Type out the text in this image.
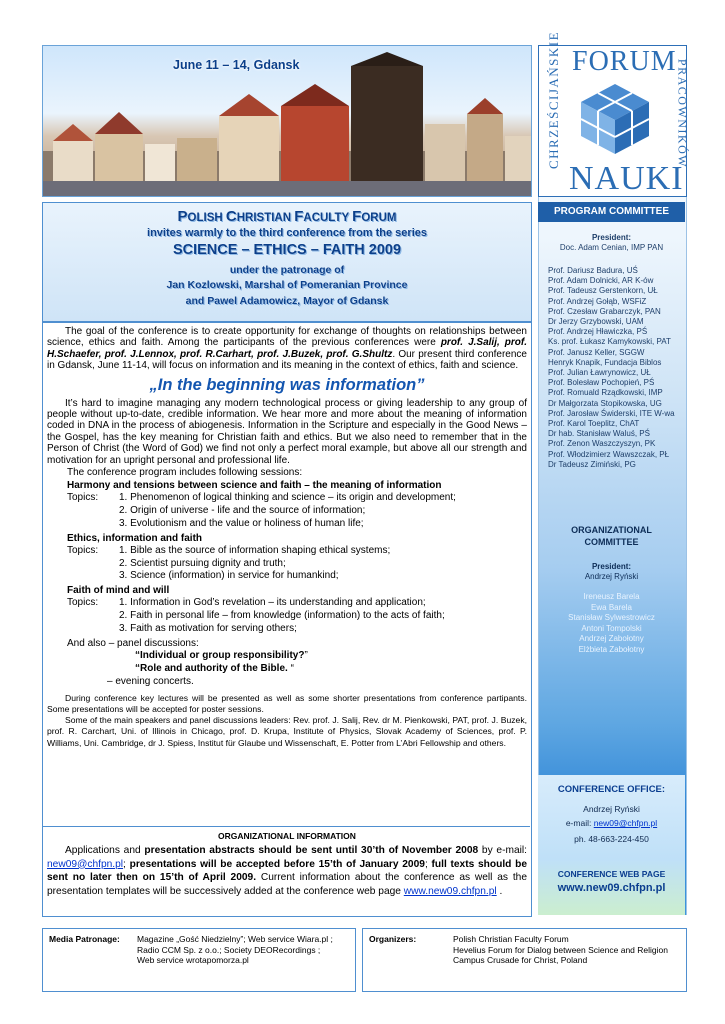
June 11 – 14, Gdansk	FORUM
CHRZEŚCIJAŃSKIE	PRACOWNIKÓW
NAUKI
PROGRAM COMMITTEE
President:
Doc. Adam Cenian, IMP PAN
Prof. Dariusz Badura, UŚ
Prof. Adam Dolnicki, AR K-ów
Prof. Tadeusz Gerstenkorn, UŁ
Prof. Andrzej Gołąb, WSFiZ
Prof. Czesław Grabarczyk, PAN
Dr Jerzy Grzybowski, UAM
Prof. Andrzej Hławiczka, PŚ
Ks. prof. Łukasz Kamykowski, PAT
Prof. Janusz Keller, SGGW
Henryk Knapik, Fundacja Biblos
Prof. Julian Ławrynowicz, UŁ
Prof. Bolesław Pochopień, PŚ
Prof. Romuald Rządkowski, IMP
Dr Małgorzata Stopikowska, UG
Prof. Jarosław Świderski, ITE W-wa
Prof. Karol Toeplitz, ChAT
Dr hab. Stanisław Waluś, PŚ
Prof. Zenon Waszczyszyn, PK
Prof. Włodzimierz Wawszczak, PŁ
Dr Tadeusz Zimiński, PG
ORGANIZATIONAL
COMMITTEE
President:
Andrzej Ryński
Ireneusz Barela
Ewa Barela
Stanisław Sylwestrowicz
Antoni Tompolski
Andrzej Zabołotny
Elżbieta Zabołotny
CONFERENCE OFFICE:
Andrzej Ryński
e-mail: new09@chfpn.pl
ph. 48-663-224-450
CONFERENCE WEB PAGE
www.new09.chfpn.pl
POLISH CHRISTIAN FACULTY FORUM
invites warmly to the third conference from the series
SCIENCE – ETHICS – FAITH 2009
under the patronage of
Jan Kozlowski, Marshal of Pomeranian Province
and Pawel Adamowicz, Mayor of Gdansk

The goal of the conference is to create opportunity for exchange of thoughts on relationships between science, ethics and faith. Among the participants of the previous conferences were prof. J.Salij, prof. H.Schaefer, prof. J.Lennox, prof. R.Carhart, prof. J.Buzek, prof. G.Shultz. Our present third conference in Gdansk, June 11-14, will focus on information and its meaning in the context of ethics, faith and science.

„In the beginning was information”

It’s hard to imagine managing any modern technological process or giving leadership to any group of people without up-to-date, credible information. We hear more and more about the meaning of information coded in DNA in the process of abiogenesis. Information in the Scripture and especially in the Good News – the Gospel, has the key meaning for Christian faith and ethics. But we also need to remember that in the Person of Christ (the Word of God) we find not only a perfect moral example, but above all our strength and motivation for an upright personal and professional life.

The conference program includes following sessions:

Harmony and tensions between science and faith – the meaning of information
Topics:	1. Phenomenon of logical thinking and science – its origin and development;
2. Origin of universe - life and the source of information;
3. Evolutionism and the value or holiness of human life;
Ethics, information and faith
Topics:	1. Bible as the source of information shaping ethical systems;
2. Scientist pursuing dignity and truth;
3. Science (information) in service for humankind;
Faith of mind and will
Topics:	1. Information in God’s revelation – its understanding and application;
2. Faith in personal life – from knowledge (information) to the acts of faith;
3. Faith as motivation for serving others;
And also – panel discussions:
“Individual or group responsibility?”
“Role and authority of the Bible. “
– evening concerts.

During conference key lectures will be presented as well as some shorter presentations from conference partipants. Some presentations will be accepted for poster sessions.

Some of the main speakers and panel discussions leaders: Rev. prof. J. Salij, Rev. dr M. Pienkowski, PAT, prof. J. Buzek, prof. R. Carchart, Uni. of Illinois in Chicago, prof. D. Krupa, Institute of Physics, Slovak Academy of Sciences, prof. P. Williams, Uni. Cambridge, dr J. Spiess, Institut für Glaube und Wissenschaft, E. Potter from L’Abri Fellowship and others.

ORGANIZATIONAL INFORMATION
Applications and presentation abstracts should be sent until 30’th of November 2008 by e-mail: new09@chfpn.pl; presentations will be accepted before 15’th of January 2009; full texts should be sent no later then on 15’th of April 2009. Current information about the conference as well as the presentation templates will be successively added at the conference web page www.new09.chfpn.pl .
Media Patronage: Magazine „Gość Niedzielny”; Web service Wiara.pl ;
Radio CCM Sp. z o.o.; Society DEORecordings ;
Web service wrotapomorza.pl
Organizers:	Polish Christian Faculty Forum
Hevelius Forum for Dialog between Science and Religion
Campus Crusade for Christ, Poland
